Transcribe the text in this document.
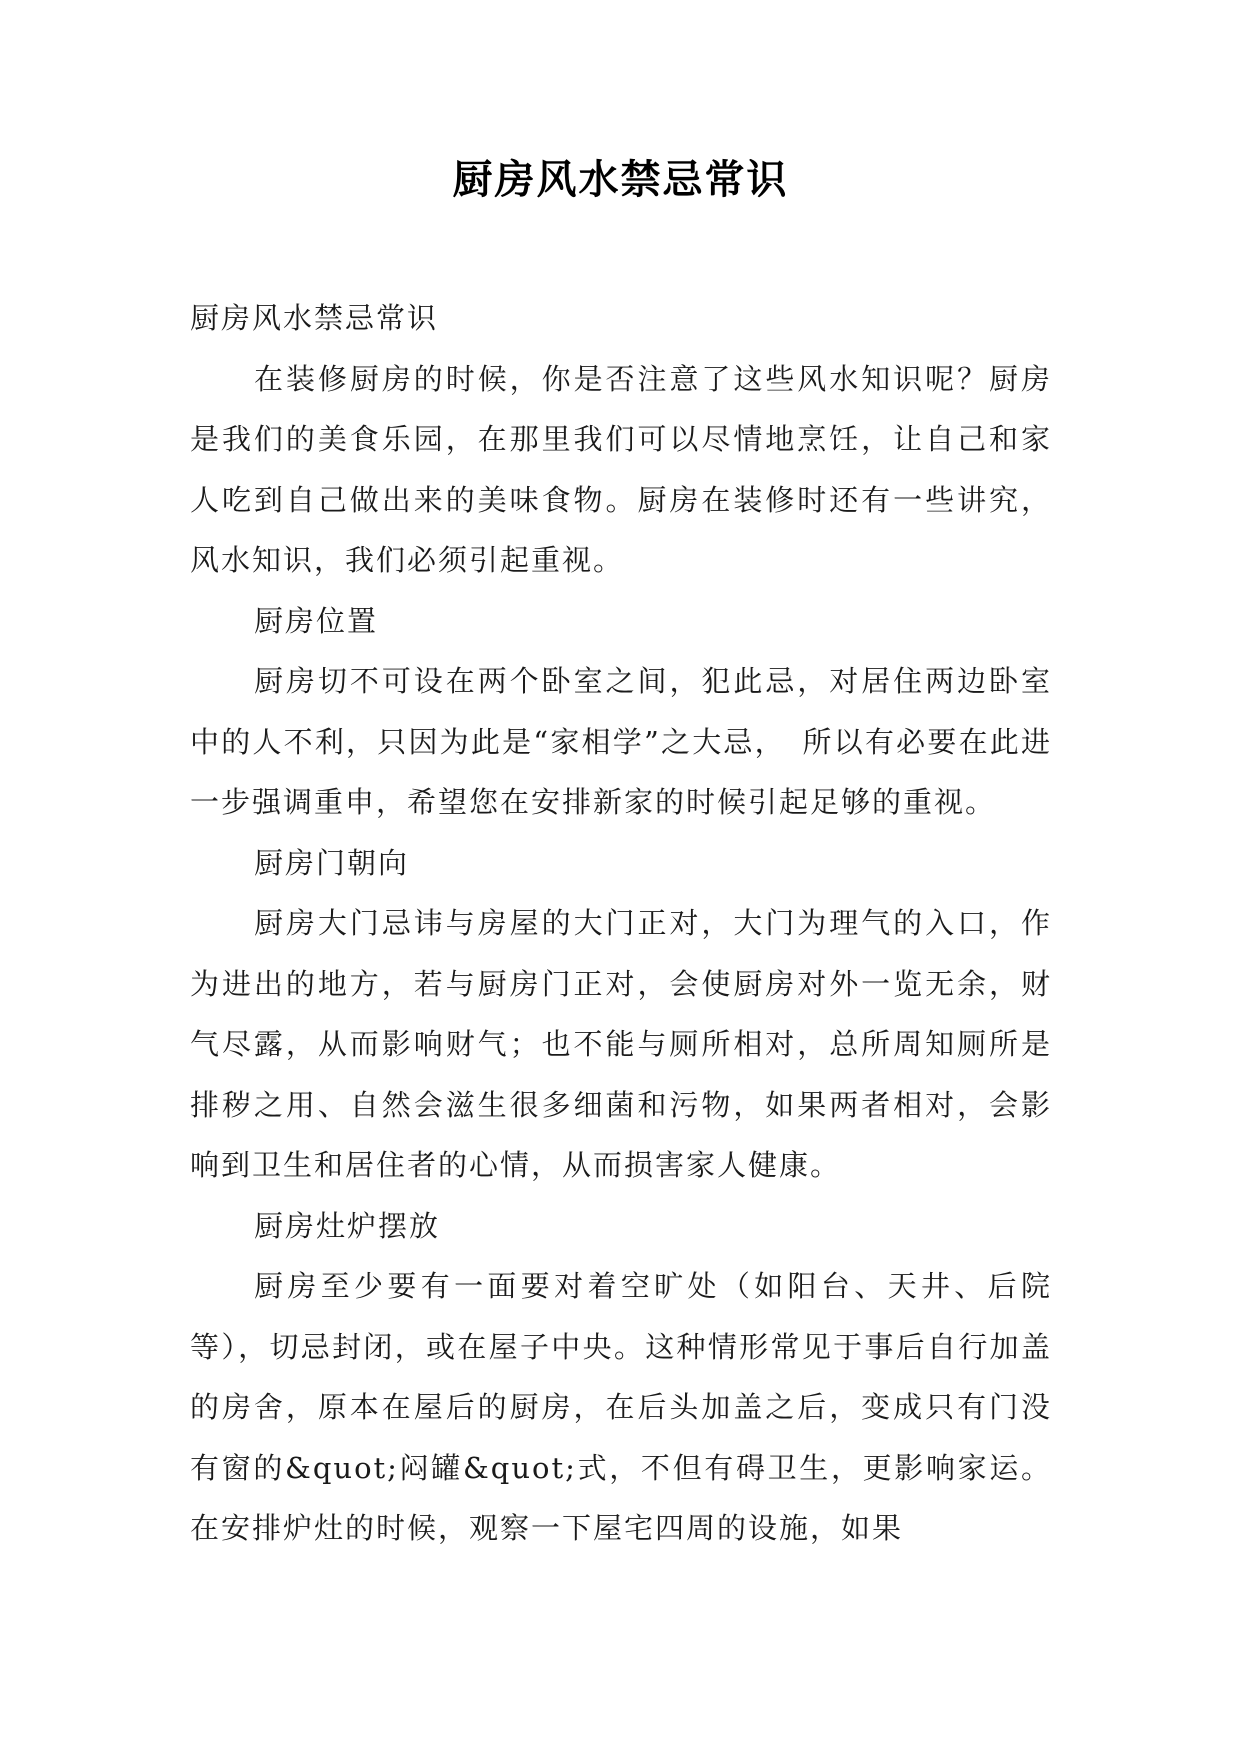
厨房风水禁忌常识

厨房风水禁忌常识

在装修厨房的时候，你是否注意了这些风水知识呢？厨房是我们的美食乐园，在那里我们可以尽情地烹饪，让自己和家人吃到自己做出来的美味食物。厨房在装修时还有一些讲究，风水知识，我们必须引起重视。

厨房位置

厨房切不可设在两个卧室之间，犯此忌，对居住两边卧室中的人不利，只因为此是“家相学”之大忌，　所以有必要在此进一步强调重申，希望您在安排新家的时候引起足够的重视。

厨房门朝向

厨房大门忌讳与房屋的大门正对，大门为理气的入口，作为进出的地方，若与厨房门正对，会使厨房对外一览无余，财气尽露，从而影响财气；也不能与厕所相对，总所周知厕所是排秽之用、自然会滋生很多细菌和污物，如果两者相对，会影响到卫生和居住者的心情，从而损害家人健康。

厨房灶炉摆放

厨房至少要有一面要对着空旷处（如阳台、天井、后院等），切忌封闭，或在屋子中央。这种情形常见于事后自行加盖的房舍，原本在屋后的厨房，在后头加盖之后，变成只有门没有窗的&quot;闷罐&quot;式，不但有碍卫生，更影响家运。在安排炉灶的时候，观察一下屋宅四周的设施，如果
